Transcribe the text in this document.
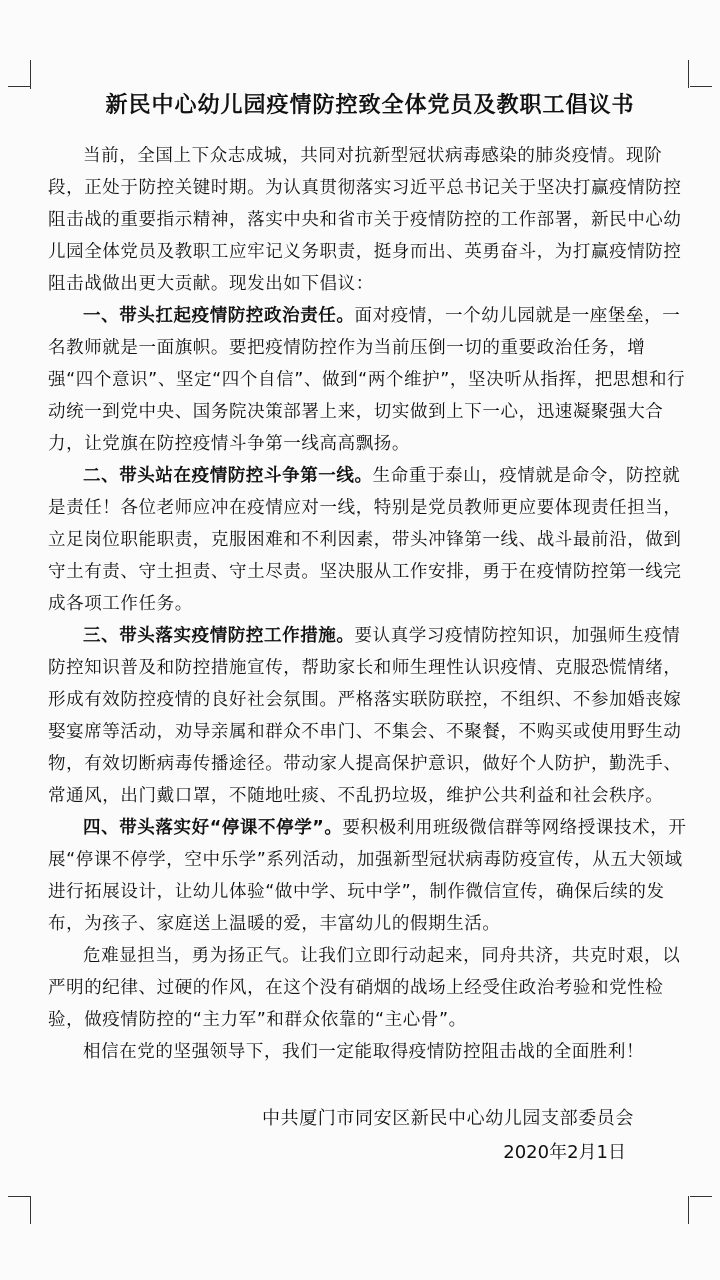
新民中心幼儿园疫情防控致全体党员及教职工倡议书

当前，全国上下众志成城，共同对抗新型冠状病毒感染的肺炎疫情。现阶段，正处于防控关键时期。为认真贯彻落实习近平总书记关于坚决打赢疫情防控阻击战的重要指示精神，落实中央和省市关于疫情防控的工作部署，新民中心幼儿园全体党员及教职工应牢记义务职责，挺身而出、英勇奋斗，为打赢疫情防控阻击战做出更大贡献。现发出如下倡议：

一、带头扛起疫情防控政治责任。面对疫情，一个幼儿园就是一座堡垒，一名教师就是一面旗帜。要把疫情防控作为当前压倒一切的重要政治任务，增强“四个意识”、坚定“四个自信”、做到“两个维护”，坚决听从指挥，把思想和行动统一到党中央、国务院决策部署上来，切实做到上下一心，迅速凝聚强大合力，让党旗在防控疫情斗争第一线高高飘扬。

二、带头站在疫情防控斗争第一线。生命重于泰山，疫情就是命令，防控就是责任！各位老师应冲在疫情应对一线，特别是党员教师更应要体现责任担当，立足岗位职能职责，克服困难和不利因素，带头冲锋第一线、战斗最前沿，做到守土有责、守土担责、守土尽责。坚决服从工作安排，勇于在疫情防控第一线完成各项工作任务。

三、带头落实疫情防控工作措施。要认真学习疫情防控知识，加强师生疫情防控知识普及和防控措施宣传，帮助家长和师生理性认识疫情、克服恐慌情绪，形成有效防控疫情的良好社会氛围。严格落实联防联控，不组织、不参加婚丧嫁娶宴席等活动，劝导亲属和群众不串门、不集会、不聚餐，不购买或使用野生动物，有效切断病毒传播途径。带动家人提高保护意识，做好个人防护，勤洗手、常通风，出门戴口罩，不随地吐痰、不乱扔垃圾，维护公共利益和社会秩序。

四、带头落实好“停课不停学”。要积极利用班级微信群等网络授课技术，开展“停课不停学，空中乐学”系列活动，加强新型冠状病毒防疫宣传，从五大领域进行拓展设计，让幼儿体验“做中学、玩中学”，制作微信宣传，确保后续的发布，为孩子、家庭送上温暖的爱，丰富幼儿的假期生活。

危难显担当，勇为扬正气。让我们立即行动起来，同舟共济，共克时艰，以严明的纪律、过硬的作风，在这个没有硝烟的战场上经受住政治考验和党性检验，做疫情防控的“主力军”和群众依靠的“主心骨”。

相信在党的坚强领导下，我们一定能取得疫情防控阻击战的全面胜利！

中共厦门市同安区新民中心幼儿园支部委员会
2020年2月1日
